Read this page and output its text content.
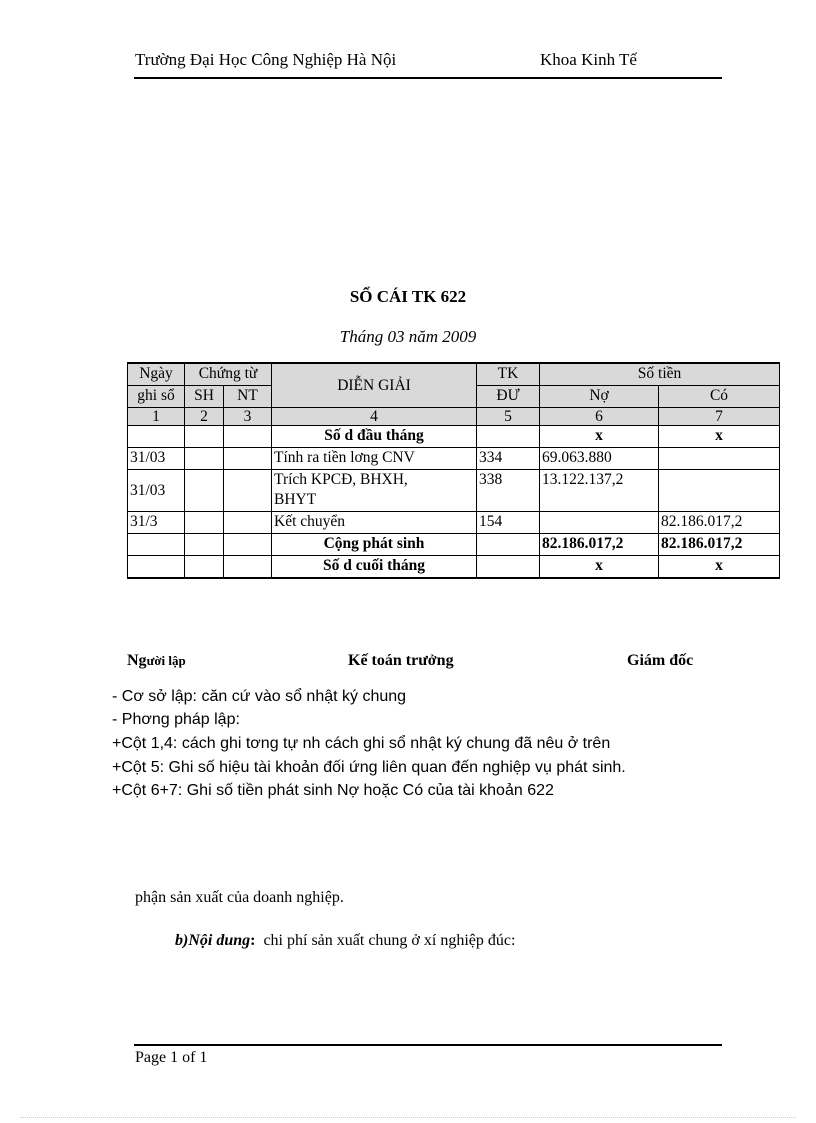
Trường Đại Học Công Nghiệp Hà Nội	Khoa Kinh Tế
SỔ CÁI TK 622
Tháng 03 năm 2009
Ngày	Chứng từ		DIỄN GIẢI	TK	Số tiền	
ghi sổ	SH	NT		ĐƯ	Nợ	Có
1	2	3	4	5	6	7
			Số d đầu tháng		x	x
31/03			Tính ra tiền lơng CNV	334	69.063.880	
31/03			Trích KPCĐ, BHXH, BHYT	338	13.122.137,2	
31/3			Kết chuyển	154		82.186.017,2
			Cộng phát sinh		82.186.017,2	82.186.017,2
			Số d cuối tháng		x	x
Người lập	Kế toán trưởng	Giám đốc
- Cơ sở lập: căn cứ vào sổ nhật ký chung
- Phơng pháp lập:
+Cột 1,4: cách ghi tơng tự nh cách ghi sổ nhật ký chung đã nêu ở trên
+Cột 5: Ghi số hiệu tài khoản đối ứng liên quan đến nghiệp vụ phát sinh.
+Cột 6+7: Ghi số tiền phát sinh Nợ hoặc Có của tài khoản 622
phận sản xuất của doanh nghiệp.
b)Nội dung: chi phí sản xuất chung ở xí nghiệp đúc:
Page 1 of 1
